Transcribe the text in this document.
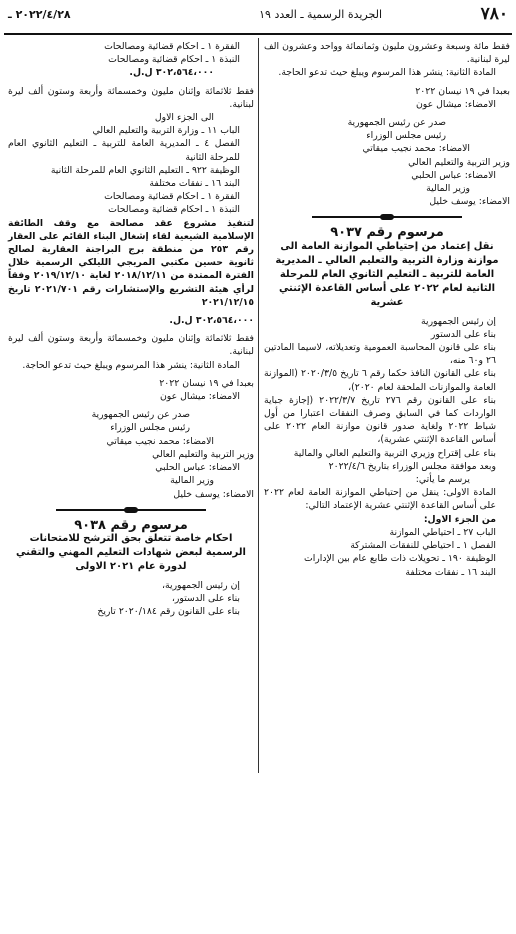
٧٨٠
الجريدة الرسمية ـ العدد ١٩
٢٠٢٢/٤/٢٨ ـ

فقط مائة وسبعة وعشرون مليون وثمانمائة وواحد وعشرون الف ليرة لبنانية.

المادة الثانية: ينشر هذا المرسوم ويبلغ حيث تدعو الحاجة.

بعبدا في ١٩ نيسان ٢٠٢٢

الامضاء: ميشال عون

صدر عن رئيس الجمهورية

رئيس مجلس الوزراء

الامضاء: محمد نجيب ميقاتي

وزير التربية والتعليم العالي

الامضاء: عباس الحلبي

وزير المالية

الامضاء: يوسف خليل

مرسوم رقم ٩٠٣٧

نقل إعتماد من إحتياطي الموازنة العامة الى موازنة وزارة التربية والتعليم العالي ـ المديرية العامة للتربية ـ التعليم الثانوي العام للمرحلة الثانية لعام ٢٠٢٢ على أساس القاعدة الإثنتي عشرية

إن رئيس الجمهورية

بناء على الدستور

بناء على قانون المحاسبة العمومية وتعديلاته، لاسيما المادتين ٢٦ و٦٠ منه،

بناء على القانون النافذ حكما رقم ٦ تاريخ ٢٠٢٠/٣/٥ (الموازنة العامة والموازنات الملحقة لعام ٢٠٢٠)،

بناء على القانون رقم ٢٧٦ تاريخ ٢٠٢٢/٣/٧ (إجازة جباية الواردات كما في السابق وصرف النفقات اعتبارا من أول شباط ٢٠٢٢ ولغاية صدور قانون موازنة العام ٢٠٢٢ على أساس القاعدة الإثنتي عشرية)،

بناء على إقتراح وزيري التربية والتعليم العالي والمالية

وبعد موافقة مجلس الوزراء بتاريخ ٢٠٢٢/٤/٦

يرسم ما يأتي:

المادة الاولى: ينقل من إحتياطي الموازنة العامة لعام ٢٠٢٢ على أساس القاعدة الإثنتي عشرية الإعتماد التالي:

من الجزء الاول:

الباب ٢٧ ـ احتياطي الموازنة

الفصل ١ ـ احتياطي للنفقات المشتركة

الوظيفة ١٩٠ ـ تحويلات ذات طابع عام بين الإدارات

البند ١٦ ـ نفقات مختلفة

الفقرة ١ ـ احكام قضائية ومصالحات

النبذة ١ ـ احكام قضائية ومصالحات

٣٠٢،٥٦٤،٠٠٠ ل.ل.

فقط ثلاثمائة وإثنان مليون وخمسمائة وأربعة وستون ألف ليرة لبنانية.

الى الجزء الاول

الباب ١١ ـ وزارة التربية والتعليم العالي

الفصل ٤ ـ المديرية العامة للتربية ـ التعليم الثانوي العام للمرحلة الثانية

الوظيفة ٩٢٢ ـ التعليم الثانوي العام للمرحلة الثانية

البند ١٦ ـ نفقات مختلفة

الفقرة ١ ـ احكام قضائية ومصالحات

النبذة ١ ـ احكام قضائية ومصالحات

لتنفيذ مشروع عقد مصالحة مع وقف الطائفة الإسلامية الشيعية لقاء إشغال البناء القائم على العقار رقم ٢٥٣ من منطقة برج البراجنة العقارية لصالح ثانوية حسين مكتبي المريجي الليلكي الرسمية خلال الفترة الممتدة من ٢٠١٨/١٢/١١ لغاية ٢٠١٩/١٢/١٠ وفقاً لرأي هيئة التشريع والإستشارات رقم ٢٠٢١/٧٠١ تاريخ ٢٠٢١/١٢/١٥

٣٠٢،٥٦٤،٠٠٠ ل.ل.

فقط ثلاثمائة وإثنان مليون وخمسمائة وأربعة وستون ألف ليرة لبنانية.

المادة الثانية: ينشر هذا المرسوم ويبلغ حيث تدعو الحاجة.

بعبدا في ١٩ نيسان ٢٠٢٢

الامضاء: ميشال عون

صدر عن رئيس الجمهورية

رئيس مجلس الوزراء

الامضاء: محمد نجيب ميقاتي

وزير التربية والتعليم العالي

الامضاء: عباس الحلبي

وزير المالية

الامضاء: يوسف خليل

مرسوم رقم ٩٠٣٨

احكام خاصة تتعلق بحق الترشح للامتحانات الرسمية لبعض شهادات التعليم المهني والتقني لدورة عام ٢٠٢١ الاولى

إن رئيس الجمهورية،

بناء على الدستور،

بناء على القانون رقم ٢٠٢٠/١٨٤ تاريخ
